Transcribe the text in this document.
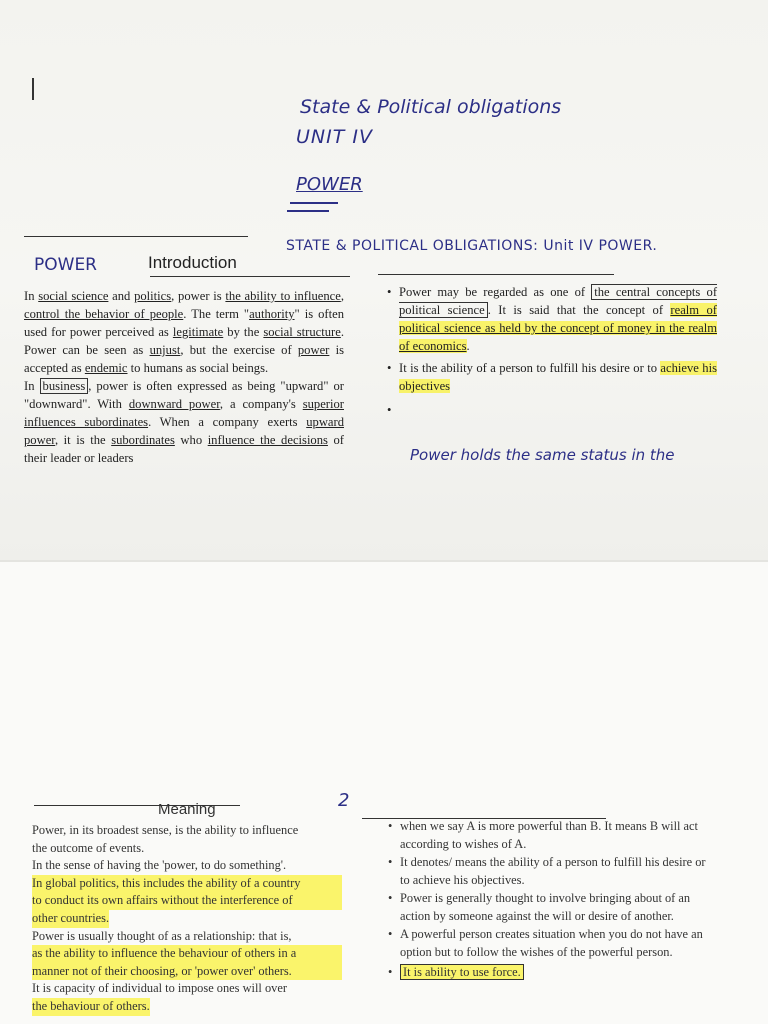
State & Political obligations
UNIT IV
POWER
POWER	Introduction
STATE & POLITICAL OBLIGATIONS: Unit IV POWER.

In social science and politics, power is the ability to influence, control the behavior of people. The term "authority" is often used for power perceived as legitimate by the social structure. Power can be seen as unjust, but the exercise of power is accepted as endemic to humans as social beings.

In business , power is often expressed as being "upward" or "downward". With downward power, a company's superior influences subordinates. When a company exerts upward power, it is the subordinates who influence the decisions of their leader or leaders

• Power may be regarded as one of the central concepts of political science . It is said that the concept of realm of political science as held by the concept of money in the realm of economics.
• It is the ability of a person to fulfill his desire or to achieve his objectives
•
Power holds the same status in the
2
Meaning
Power, in its broadest sense, is the ability to influence
the outcome of events.
In the sense of having the 'power, to do something'.
In global politics, this includes the ability of a country
to conduct its own affairs without the interference of
other countries.
Power is usually thought of as a relationship: that is,
as the ability to influence the behaviour of others in a
manner not of their choosing, or 'power over' others.
It is capacity of individual to impose ones will over
the behaviour of others.
• when we say A is more powerful than B. It means B will act according to wishes of A.
• It denotes/ means the ability of a person to fulfill his desire or to achieve his objectives.
• Power is generally thought to involve bringing about of an action by someone against the will or desire of another.
• A powerful person creates situation when you do not have an option but to follow the wishes of the powerful person.
• It is ability to use force.
